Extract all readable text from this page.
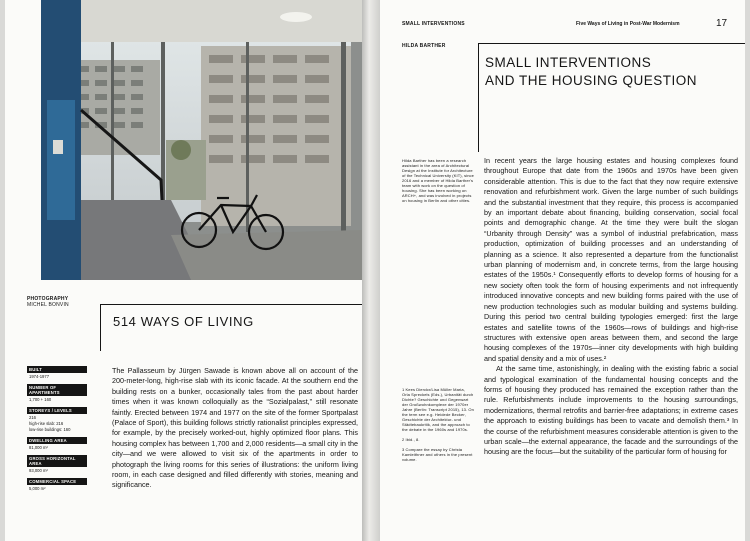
PHOTOGRAPHY
MICHEL BONVIN
514 WAYS OF LIVING
BUILT
1974-1977
NUMBER OF APARTMENTS
1,700 + 160
STOREYS / LEVELS
216
high-rise slab: 216
low-rise buildings: 160
DWELLING AREA
81,000 m²
GROSS HORIZONTAL AREA
93,000 m²
COMMERCIAL SPACE
5,000 m²
The Pallasseum by Jürgen Sawade is known above all on account of the 200-meter-long, high-rise slab with its iconic facade. At the southern end the building rests on a bunker, occasionally tales from the past about harder times when it was known colloquially as the “Sozialpalast,” still resonate faintly. Erected between 1974 and 1977 on the site of the former Sportpalast (Palace of Sport), this building follows strictly rationalist principles expressed, for example, by the precisely worked-out, highly optimized floor plans. This housing complex has between 1,700 and 2,000 residents—a small city in the city—and we were allowed to visit six of the apartments in order to photograph the living rooms for this series of illustrations: the uniform living room, in each case designed and filled differently with stories, meaning and significance.
SMALL INTERVENTIONS	Five Ways of Living in Post-War Modernism	17
HILDA BARTHER
SMALL INTERVENTIONS
AND THE HOUSING QUESTION
Hilda Barther has been a research assistant in the area of Architectural Design at the Institute for Architecture of the Technical University (KIT), since 2016 and a member of Hilda Barther's team with work on the question of housing. She has been working on ARCH+, and was involved in projects on housing in Berlin and other cities.
In recent years the large housing estates and housing complexes found throughout Europe that date from the 1960s and 1970s have been given considerable attention. This is due to the fact that they now require extensive renovation and refurbishment work. Given the large number of such buildings and the substantial investment that they require, this process is accompanied by an important debate about financing, building conservation, social focal points and demographic change. At the time they were built the slogan “Urbanity through Density” was a symbol of industrial prefabrication, mass production, optimization of building processes and an understanding of planning as a science. It also represented a departure from the functionalist urban planning of modernism and, in concrete terms, from the large housing estates of the 1950s.¹ Consequently efforts to develop forms of housing for a new society often took the form of housing experiments and not infrequently introduced innovative concepts and new building forms paired with the use of new production technologies such as modular building and systems building. During this period two central building typologies emerged: first the large estates and satellite towns of the 1960s—rows of buildings and high-rise structures with extensive open areas between them, and second the large housing complexes of the 1970s—inner city developments with high building and spatial density and a mix of uses.²
At the same time, astonishingly, in dealing with the existing fabric a social and typological examination of the fundamental housing concepts and the forms of housing they produced has remained the exception rather than the rule. Refurbishments include improvements to the housing surroundings, modernizations, thermal retrofits and barrier-free adaptations; in extreme cases the approach to existing buildings has been to vacate and demolish them.³ In the course of the refurbishment measures considerable attention is given to the urban scale—the external appearance, the facade and the surroundings of the housing are the focus—but the suitability of the particular form of housing for
1 Kees Dierckx/Lisa Müller Maria, Orla Spreckels (Eds.), Urbanität durch Dichte? Geschichte und Gegenwart der Großwohnkomplexe der 1970er Jahre (Berlin: Transcript 2015), 13. On the term see e.g. Heidede Becker, Geschichte der Architektur- und Städtebaukritik, and the approach to the debate in the 1960s and 1970s.
2 Ibid., 8.
3 Compare the essay by Christa Kamleithner and others in the present volume.
